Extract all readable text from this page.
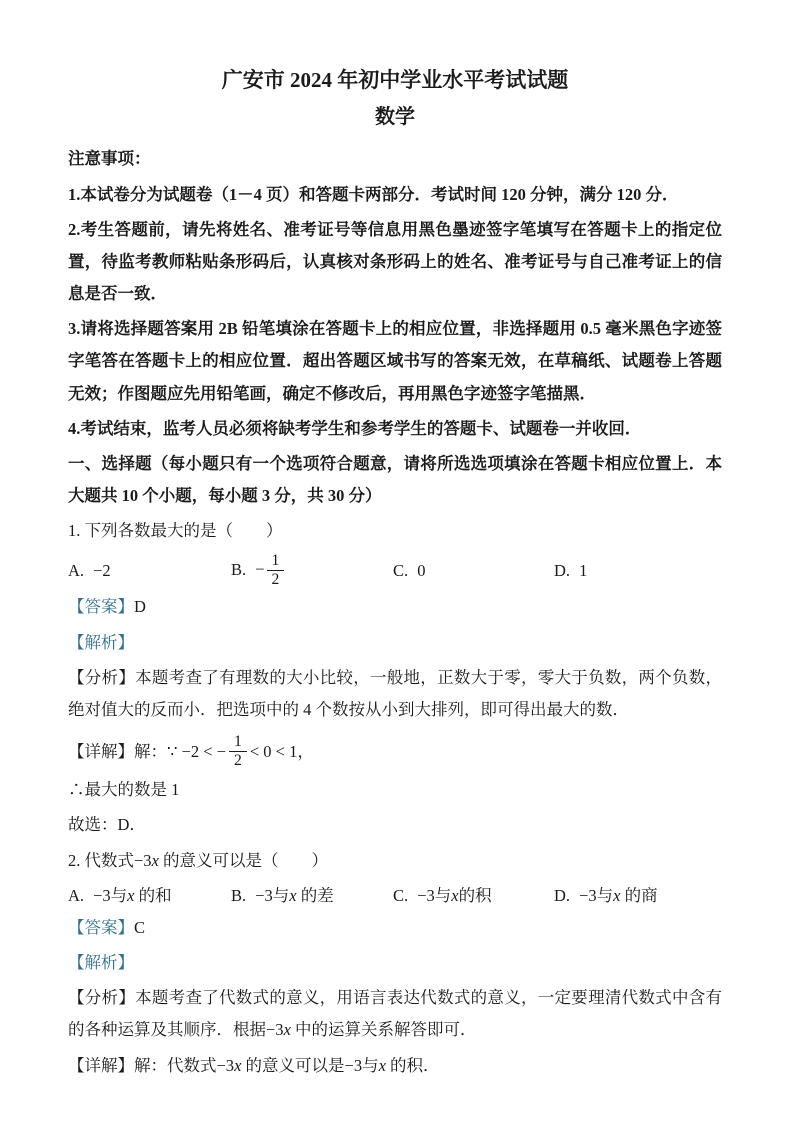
广安市 2024 年初中学业水平考试试题
数学

注意事项：

1.本试卷分为试题卷（1－4 页）和答题卡两部分．考试时间 120 分钟，满分 120 分．

2.考生答题前，请先将姓名、准考证号等信息用黑色墨迹签字笔填写在答题卡上的指定位置，待监考教师粘贴条形码后，认真核对条形码上的姓名、准考证号与自己准考证上的信息是否一致．

3.请将选择题答案用 2B 铅笔填涂在答题卡上的相应位置，非选择题用 0.5 毫米黑色字迹签字笔答在答题卡上的相应位置．超出答题区域书写的答案无效，在草稿纸、试题卷上答题无效；作图题应先用铅笔画，确定不修改后，再用黑色字迹签字笔描黑．

4.考试结束，监考人员必须将缺考学生和参考学生的答题卡、试题卷一并收回．

一、选择题（每小题只有一个选项符合题意，请将所选选项填涂在答题卡相应位置上．本大题共 10 个小题，每小题 3 分，共 30 分）

1. 下列各数最大的是（　　）

A. −2	B. − $\frac{1}{2}$	C. 0	D. 1

【答案】D

【解析】

【分析】本题考查了有理数的大小比较，一般地，正数大于零，零大于负数，两个负数，绝对值大的反而小．把选项中的 4 个数按从小到大排列，即可得出最大的数．

【详解】 解： ∵ −2 < − $\frac{1}{2} < 0 < 1$，

∴最大的数是 1

故选：D．

2. 代数式−3x 的意义可以是（　　）

A. −3与x 的和	B. −3与x 的差	C. −3与x的积	D. −3与x 的商

【答案】C

【解析】

【分析】本题考查了代数式的意义，用语言表达代数式的意义，一定要理清代数式中含有的各种运算及其顺序．根据−3x 中的运算关系解答即可．

【详解】解：代数式−3x 的意义可以是−3与x 的积．
